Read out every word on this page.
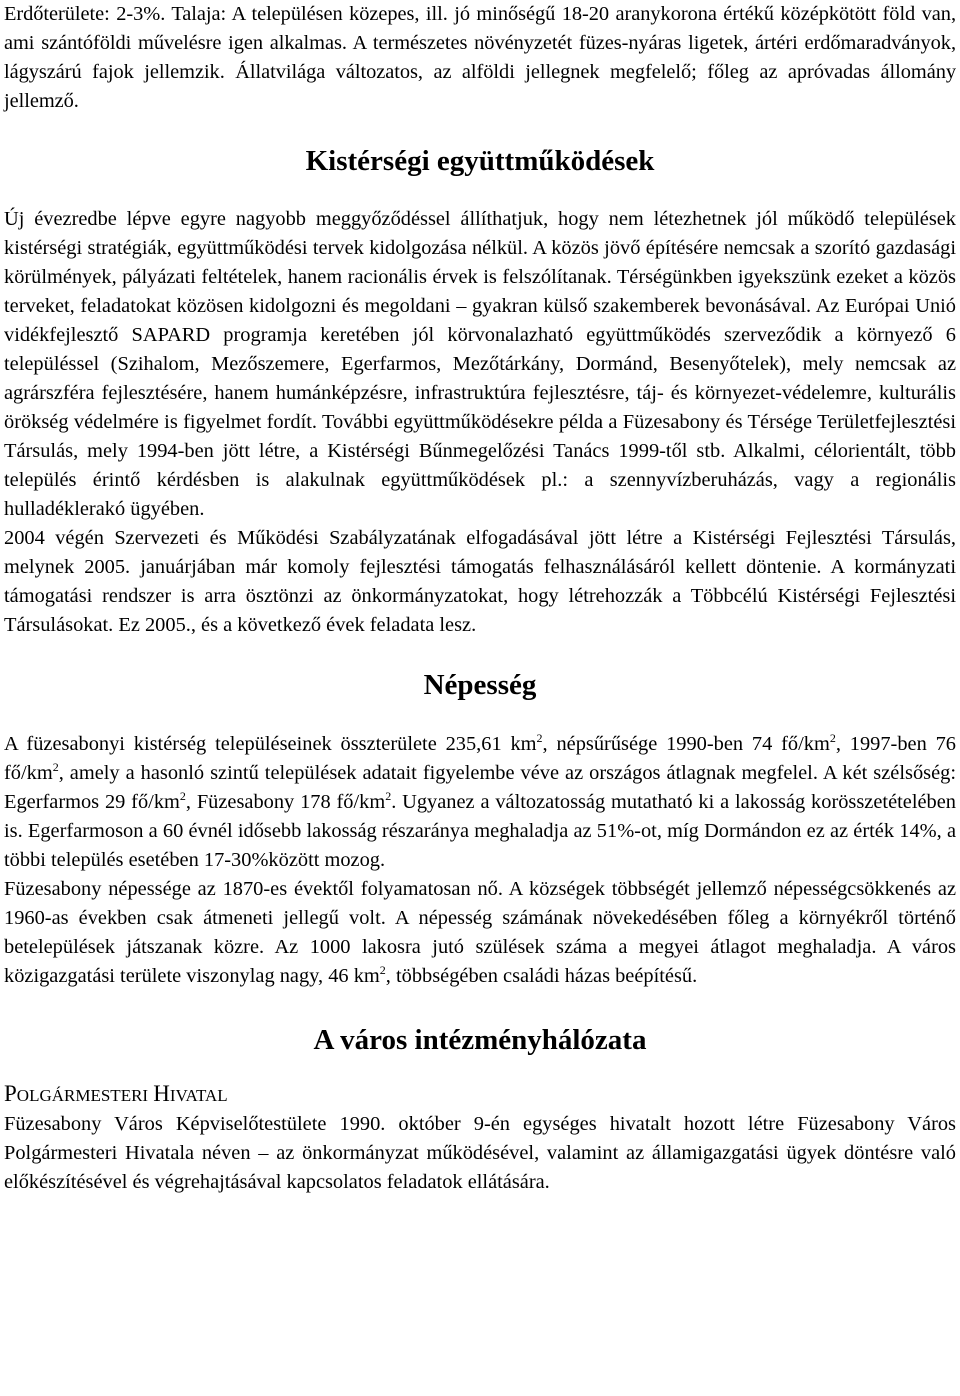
Erdőterülete: 2-3%. Talaja: A településen közepes, ill. jó minőségű 18-20 aranykorona értékű középkötött föld van, ami szántóföldi művelésre igen alkalmas. A természetes növényzetét füzes-nyáras ligetek, ártéri erdőmaradványok, lágyszárú fajok jellemzik. Állatvilága változatos, az alföldi jellegnek megfelelő; főleg az apróvadas állomány jellemző.

Kistérségi együttműködések

Új évezredbe lépve egyre nagyobb meggyőződéssel állíthatjuk, hogy nem létezhetnek jól működő települések kistérségi stratégiák, együttműködési tervek kidolgozása nélkül. A közös jövő építésére nemcsak a szorító gazdasági körülmények, pályázati feltételek, hanem racionális érvek is felszólítanak. Térségünkben igyekszünk ezeket a közös terveket, feladatokat közösen kidolgozni és megoldani – gyakran külső szakemberek bevonásával. Az Európai Unió vidékfejlesztő SAPARD programja keretében jól körvonalazható együttműködés szerveződik a környező 6 településsel (Szihalom, Mezőszemere, Egerfarmos, Mezőtárkány, Dormánd, Besenyőtelek), mely nemcsak az agrárszféra fejlesztésére, hanem humánképzésre, infrastruktúra fejlesztésre, táj- és környezet-védelemre, kulturális örökség védelmére is figyelmet fordít. További együttműködésekre példa a Füzesabony és Térsége Területfejlesztési Társulás, mely 1994-ben jött létre, a Kistérségi Bűnmegelőzési Tanács 1999-től stb. Alkalmi, célorientált, több település érintő kérdésben is alakulnak együttműködések pl.: a szennyvízberuházás, vagy a regionális hulladéklerakó ügyében.

2004 végén Szervezeti és Működési Szabályzatának elfogadásával jött létre a Kistérségi Fejlesztési Társulás, melynek 2005. januárjában már komoly fejlesztési támogatás felhasználásáról kellett döntenie. A kormányzati támogatási rendszer is arra ösztönzi az önkormányzatokat, hogy létrehozzák a Többcélú Kistérségi Fejlesztési Társulásokat. Ez 2005., és a következő évek feladata lesz.

Népesség

A füzesabonyi kistérség településeinek összterülete 235,61 $km^2$, népsűrűsége 1990-ben 74 $fő/km^2$, 1997-ben 76 $fő/km^2$, amely a hasonló szintű települések adatait figyelembe véve az országos átlagnak megfelel. A két szélsőség: Egerfarmos 29 $fő/km^2$, Füzesabony 178 $fő/km^2$. Ugyanez a változatosság mutatható ki a lakosság korösszetételében is. Egerfarmoson a 60 évnél idősebb lakosság részaránya meghaladja az 51%-ot, míg Dormándon ez az érték 14%, a többi település esetében 17-30%között mozog.

Füzesabony népessége az 1870-es évektől folyamatosan nő. A községek többségét jellemző népességcsökkenés az 1960-as években csak átmeneti jellegű volt. A népesség számának növekedésében főleg a környékről történő betelepülések játszanak közre. Az 1000 lakosra jutó szülések száma a megyei átlagot meghaladja. A város közigazgatási területe viszonylag nagy, 46 $km^2$, többségében családi házas beépítésű.

A város intézményhálózata
POLGÁRMESTERI HIVATAL

Füzesabony Város Képviselőtestülete 1990. október 9-én egységes hivatalt hozott létre Füzesabony Város Polgármesteri Hivatala néven – az önkormányzat működésével, valamint az államigazgatási ügyek döntésre való előkészítésével és végrehajtásával kapcsolatos feladatok ellátására.
